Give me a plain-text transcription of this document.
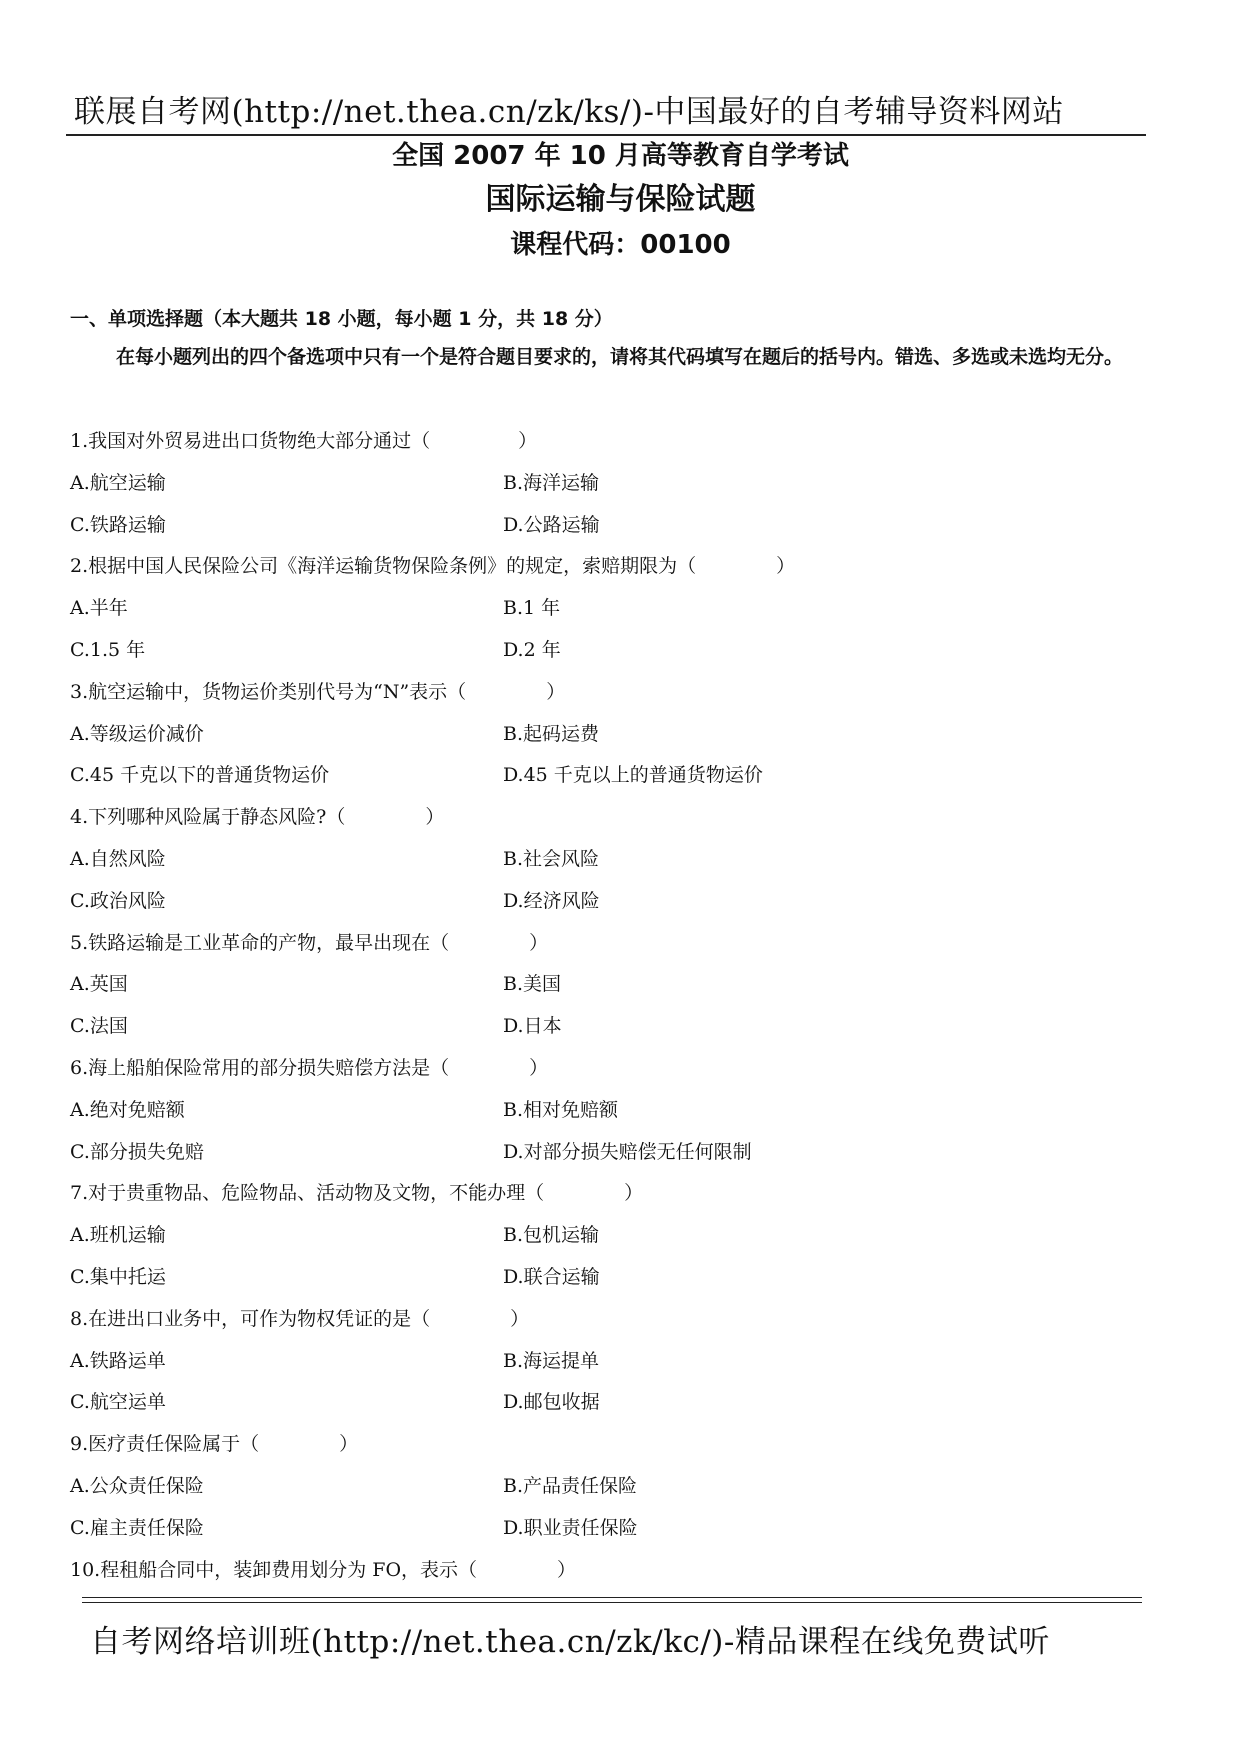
联展自考网(http://net.thea.cn/zk/ks/)-中国最好的自考辅导资料网站
全国 2007 年 10 月高等教育自学考试
国际运输与保险试题
课程代码：00100
一、单项选择题（本大题共 18 小题，每小题 1 分，共 18 分）
在每小题列出的四个备选项中只有一个是符合题目要求的，请将其代码填写在题后的括号内。错选、多选或未选均无分。
1.我国对外贸易进出口货物绝大部分通过（	）
A.航空运输	B.海洋运输
C.铁路运输	D.公路运输
2.根据中国人民保险公司《海洋运输货物保险条例》的规定，索赔期限为（	）
A.半年	B.1 年
C.1.5 年	D.2 年
3.航空运输中，货物运价类别代号为“N”表示（	）
A.等级运价减价	B.起码运费
C.45 千克以下的普通货物运价	D.45 千克以上的普通货物运价
4.下列哪种风险属于静态风险?（	）
A.自然风险	B.社会风险
C.政治风险	D.经济风险
5.铁路运输是工业革命的产物，最早出现在（	）
A.英国	B.美国
C.法国	D.日本
6.海上船舶保险常用的部分损失赔偿方法是（	）
A.绝对免赔额	B.相对免赔额
C.部分损失免赔	D.对部分损失赔偿无任何限制
7.对于贵重物品、危险物品、活动物及文物，不能办理（	）
A.班机运输	B.包机运输
C.集中托运	D.联合运输
8.在进出口业务中，可作为物权凭证的是（	）
A.铁路运单	B.海运提单
C.航空运单	D.邮包收据
9.医疗责任保险属于（	）
A.公众责任保险	B.产品责任保险
C.雇主责任保险	D.职业责任保险
10.程租船合同中，装卸费用划分为 FO，表示（	）
自考网络培训班(http://net.thea.cn/zk/kc/)-精品课程在线免费试听
